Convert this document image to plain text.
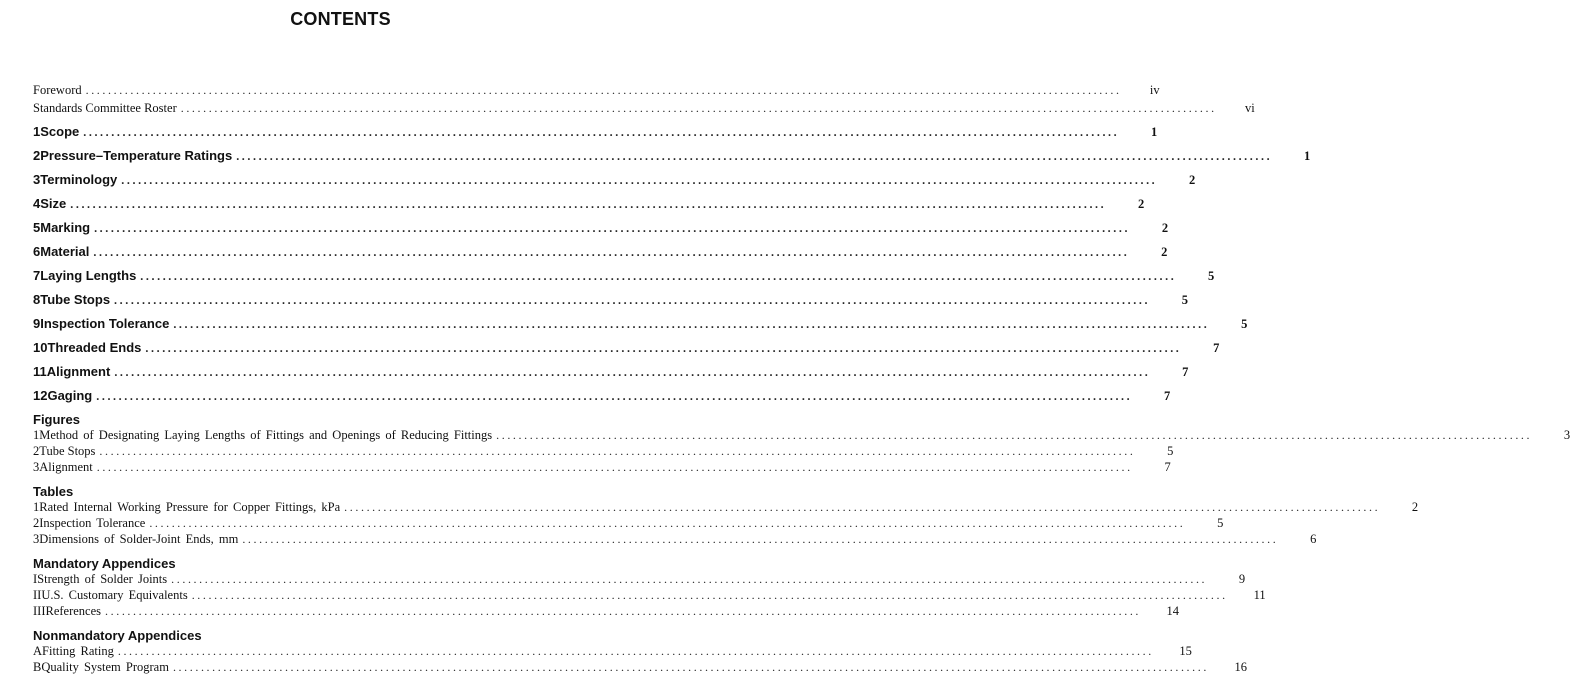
CONTENTS
Foreword .........................................................................................................................................................................................	iv
Standards Committee Roster .........................................................................................................................................................................................	vi
1 Scope .........................................................................................................................................................................................	1
2 Pressure–Temperature Ratings .........................................................................................................................................................................................	1
3 Terminology .........................................................................................................................................................................................	2
4 Size .........................................................................................................................................................................................	2
5 Marking .........................................................................................................................................................................................	2
6 Material .........................................................................................................................................................................................	2
7 Laying Lengths .........................................................................................................................................................................................	5
8 Tube Stops .........................................................................................................................................................................................	5
9 Inspection Tolerance .........................................................................................................................................................................................	5
10 Threaded Ends .........................................................................................................................................................................................	7
11 Alignment .........................................................................................................................................................................................	7
12 Gaging .........................................................................................................................................................................................	7
Figures
1 Method of Designating Laying Lengths of Fittings and Openings of Reducing Fittings .........................................................................................................................................................................................	3
2 Tube Stops .........................................................................................................................................................................................	5
3 Alignment .........................................................................................................................................................................................	7
Tables
1 Rated Internal Working Pressure for Copper Fittings, kPa .........................................................................................................................................................................................	2
2 Inspection Tolerance .........................................................................................................................................................................................	5
3 Dimensions of Solder-Joint Ends, mm .........................................................................................................................................................................................	6
Mandatory Appendices
I Strength of Solder Joints .........................................................................................................................................................................................	9
II U.S. Customary Equivalents .........................................................................................................................................................................................	11
III References .........................................................................................................................................................................................	14
Nonmandatory Appendices
A Fitting Rating .........................................................................................................................................................................................	15
B Quality System Program .........................................................................................................................................................................................	16
